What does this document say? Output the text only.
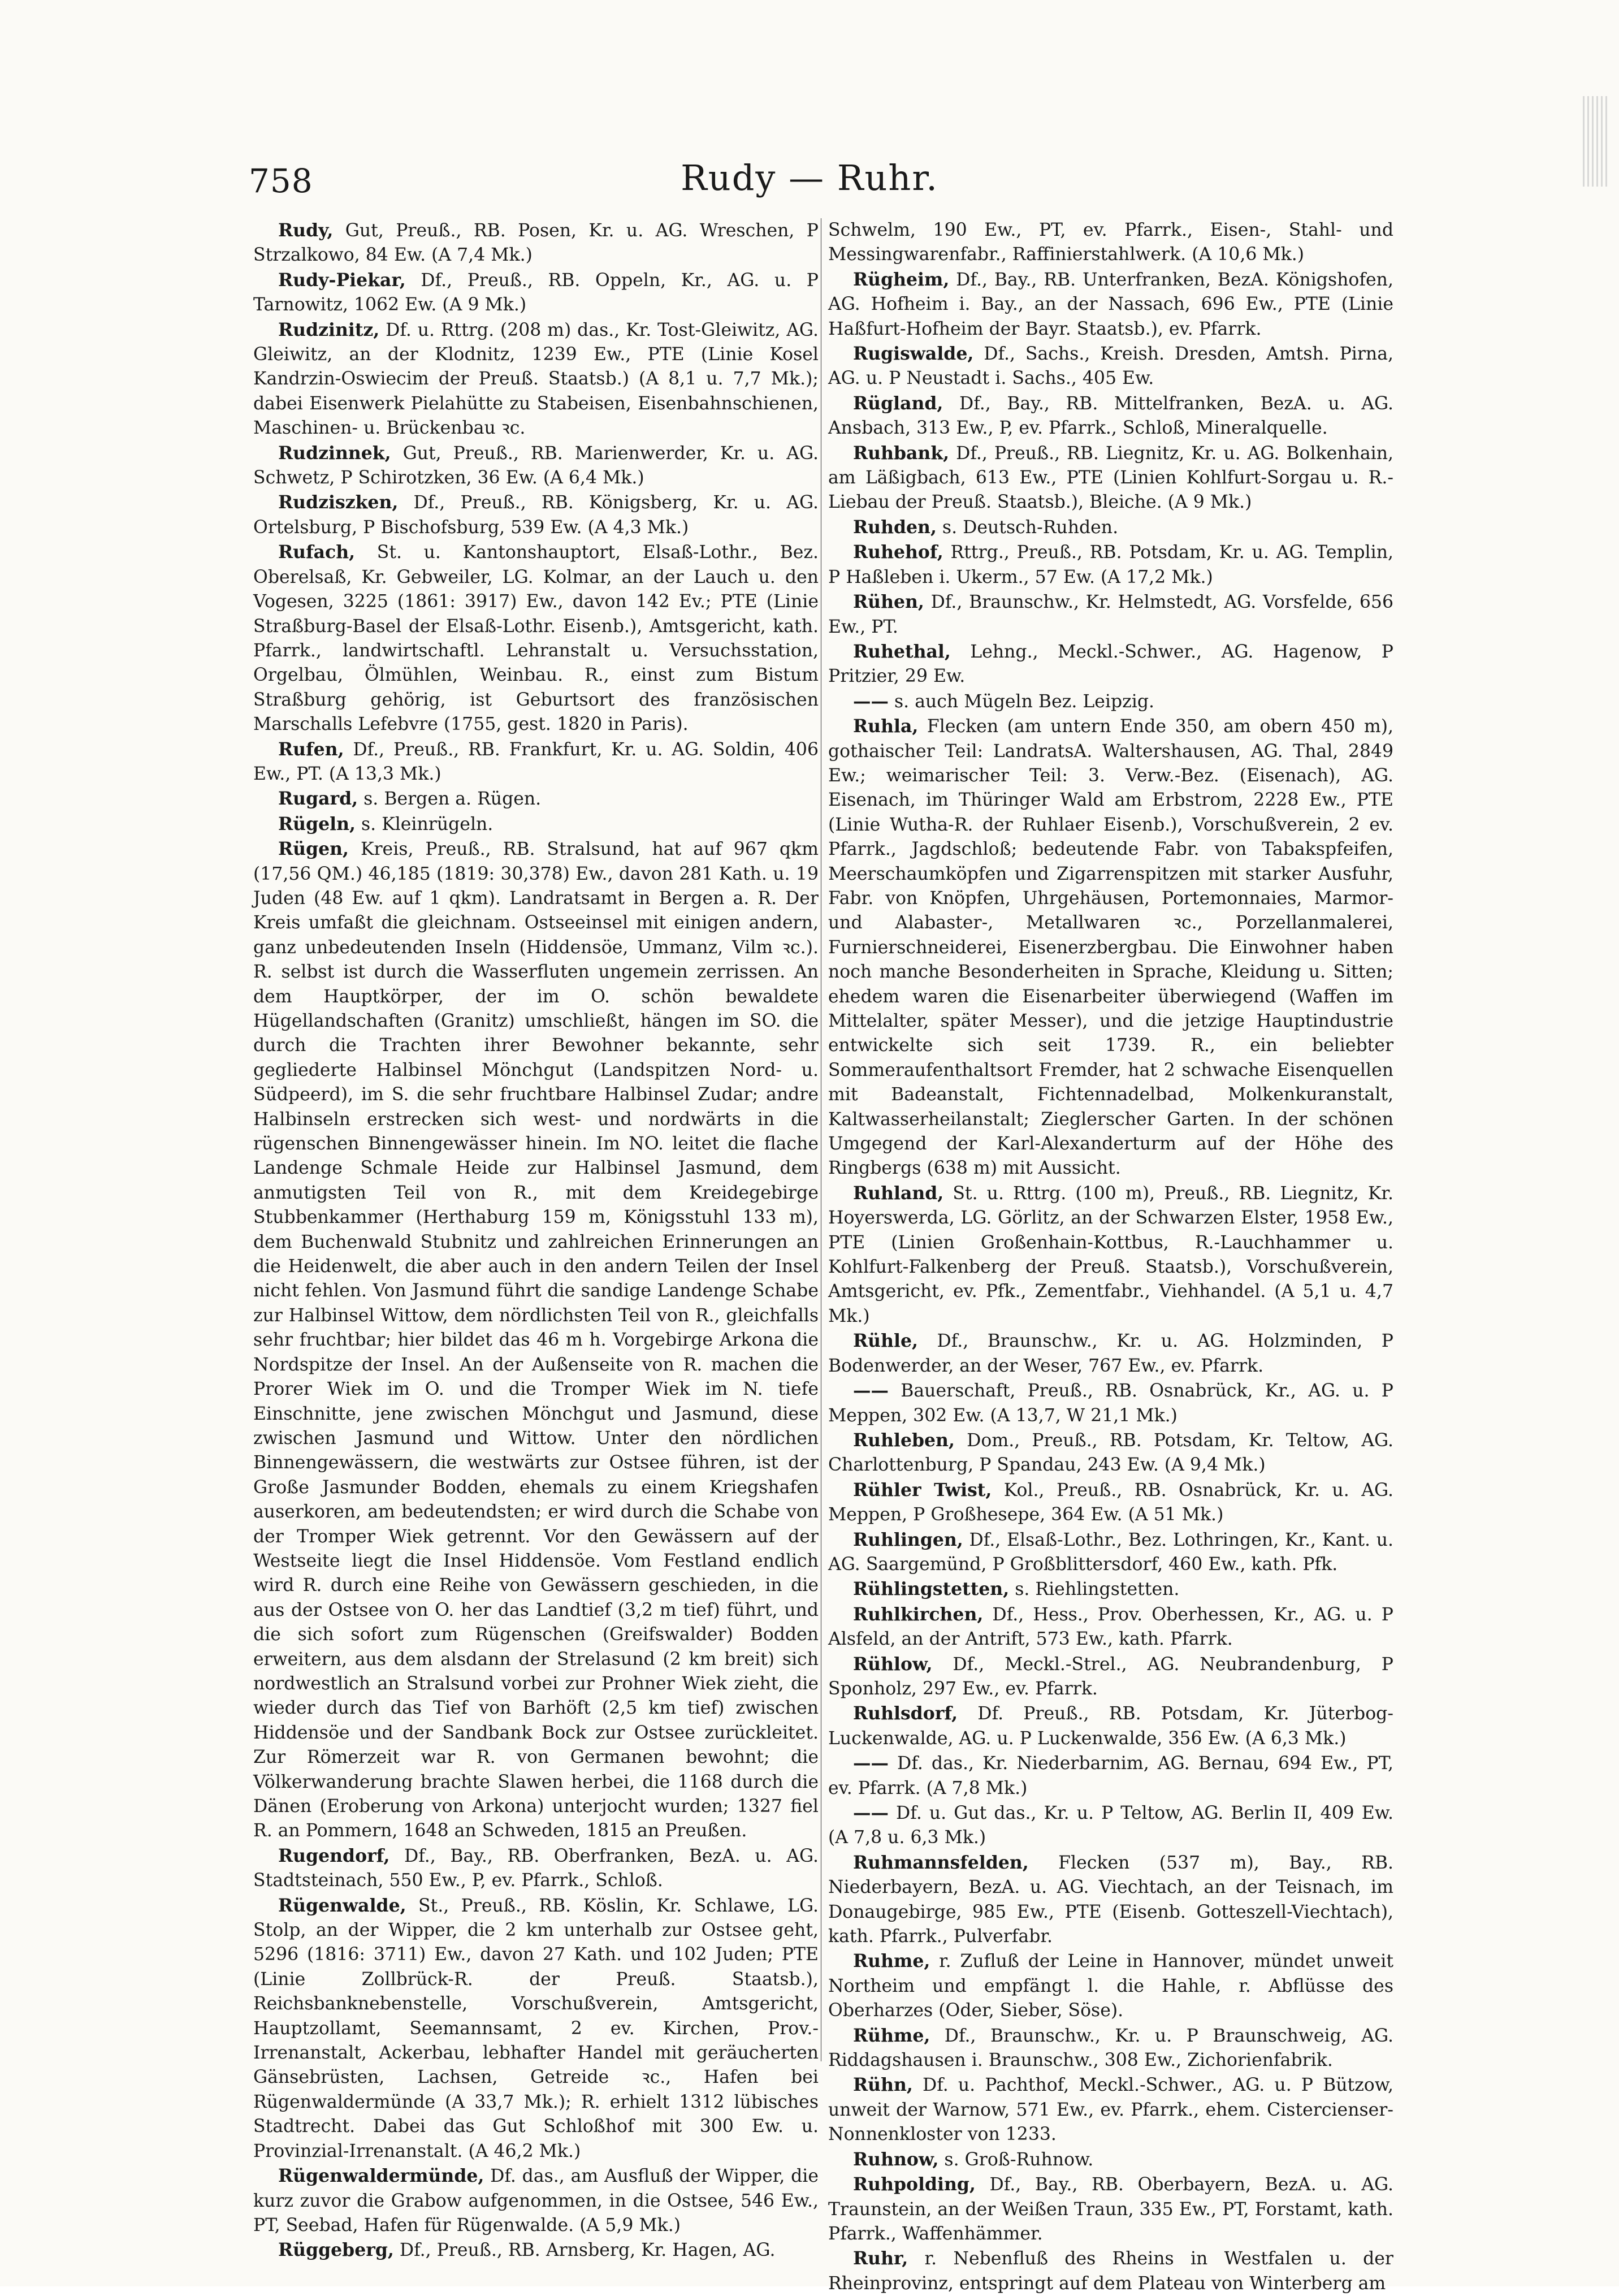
758	Rudy — Ruhr.

Rudy, Gut, Preuß., RB. Posen, Kr. u. AG. Wreschen, P Strzalkowo, 84 Ew. (A 7,4 Mk.)

Rudy-Piekar, Df., Preuß., RB. Oppeln, Kr., AG. u. P Tarnowitz, 1062 Ew. (A 9 Mk.)

Rudzinitz, Df. u. Rttrg. (208 m) das., Kr. Tost-Gleiwitz, AG. Gleiwitz, an der Klodnitz, 1239 Ew., PTE (Linie Kosel Kandrzin-Oswiecim der Preuß. Staatsb.) (A 8,1 u. 7,7 Mk.); dabei Eisenwerk Pielahütte zu Stabeisen, Eisenbahnschienen, Maschinen- u. Brückenbau ꝛc.

Rudzinnek, Gut, Preuß., RB. Marienwerder, Kr. u. AG. Schwetz, P Schirotzken, 36 Ew. (A 6,4 Mk.)

Rudziszken, Df., Preuß., RB. Königsberg, Kr. u. AG. Ortelsburg, P Bischofsburg, 539 Ew. (A 4,3 Mk.)

Rufach, St. u. Kantonshauptort, Elsaß-Lothr., Bez. Oberelsaß, Kr. Gebweiler, LG. Kolmar, an der Lauch u. den Vogesen, 3225 (1861: 3917) Ew., davon 142 Ev.; PTE (Linie Straßburg-Basel der Elsaß-Lothr. Eisenb.), Amtsgericht, kath. Pfarrk., landwirtschaftl. Lehranstalt u. Versuchsstation, Orgelbau, Ölmühlen, Weinbau. R., einst zum Bistum Straßburg gehörig, ist Geburtsort des französischen Marschalls Lefebvre (1755, gest. 1820 in Paris).

Rufen, Df., Preuß., RB. Frankfurt, Kr. u. AG. Soldin, 406 Ew., PT. (A 13,3 Mk.)

Rugard, s. Bergen a. Rügen.

Rügeln, s. Kleinrügeln.

Rügen, Kreis, Preuß., RB. Stralsund, hat auf 967 qkm (17,56 QM.) 46,185 (1819: 30,378) Ew., davon 281 Kath. u. 19 Juden (48 Ew. auf 1 qkm). Landratsamt in Bergen a. R. Der Kreis umfaßt die gleichnam. Ostseeinsel mit einigen andern, ganz unbedeutenden Inseln (Hiddensöe, Ummanz, Vilm ꝛc.). R. selbst ist durch die Wasserfluten ungemein zerrissen. An dem Hauptkörper, der im O. schön bewaldete Hügellandschaften (Granitz) umschließt, hängen im SO. die durch die Trachten ihrer Bewohner bekannte, sehr gegliederte Halbinsel Mönchgut (Landspitzen Nord- u. Südpeerd), im S. die sehr fruchtbare Halbinsel Zudar; andre Halbinseln erstrecken sich west- und nordwärts in die rügenschen Binnengewässer hinein. Im NO. leitet die flache Landenge Schmale Heide zur Halbinsel Jasmund, dem anmutigsten Teil von R., mit dem Kreidegebirge Stubbenkammer (Herthaburg 159 m, Königsstuhl 133 m), dem Buchenwald Stubnitz und zahlreichen Erinnerungen an die Heidenwelt, die aber auch in den andern Teilen der Insel nicht fehlen. Von Jasmund führt die sandige Landenge Schabe zur Halbinsel Wittow, dem nördlichsten Teil von R., gleichfalls sehr fruchtbar; hier bildet das 46 m h. Vorgebirge Arkona die Nordspitze der Insel. An der Außenseite von R. machen die Prorer Wiek im O. und die Tromper Wiek im N. tiefe Einschnitte, jene zwischen Mönchgut und Jasmund, diese zwischen Jasmund und Wittow. Unter den nördlichen Binnengewässern, die westwärts zur Ostsee führen, ist der Große Jasmunder Bodden, ehemals zu einem Kriegshafen auserkoren, am bedeutendsten; er wird durch die Schabe von der Tromper Wiek getrennt. Vor den Gewässern auf der Westseite liegt die Insel Hiddensöe. Vom Festland endlich wird R. durch eine Reihe von Gewässern geschieden, in die aus der Ostsee von O. her das Landtief (3,2 m tief) führt, und die sich sofort zum Rügenschen (Greifswalder) Bodden erweitern, aus dem alsdann der Strelasund (2 km breit) sich nordwestlich an Stralsund vorbei zur Prohner Wiek zieht, die wieder durch das Tief von Barhöft (2,5 km tief) zwischen Hiddensöe und der Sandbank Bock zur Ostsee zurückleitet. Zur Römerzeit war R. von Germanen bewohnt; die Völkerwanderung brachte Slawen herbei, die 1168 durch die Dänen (Eroberung von Arkona) unterjocht wurden; 1327 fiel R. an Pommern, 1648 an Schweden, 1815 an Preußen.

Rugendorf, Df., Bay., RB. Oberfranken, BezA. u. AG. Stadtsteinach, 550 Ew., P, ev. Pfarrk., Schloß.

Rügenwalde, St., Preuß., RB. Köslin, Kr. Schlawe, LG. Stolp, an der Wipper, die 2 km unterhalb zur Ostsee geht, 5296 (1816: 3711) Ew., davon 27 Kath. und 102 Juden; PTE (Linie Zollbrück-R. der Preuß. Staatsb.), Reichsbanknebenstelle, Vorschußverein, Amtsgericht, Hauptzollamt, Seemannsamt, 2 ev. Kirchen, Prov.-Irrenanstalt, Ackerbau, lebhafter Handel mit geräucherten Gänsebrüsten, Lachsen, Getreide ꝛc., Hafen bei Rügenwaldermünde (A 33,7 Mk.); R. erhielt 1312 lübisches Stadtrecht. Dabei das Gut Schloßhof mit 300 Ew. u. Provinzial-Irrenanstalt. (A 46,2 Mk.)

Rügenwaldermünde, Df. das., am Ausfluß der Wipper, die kurz zuvor die Grabow aufgenommen, in die Ostsee, 546 Ew., PT, Seebad, Hafen für Rügenwalde. (A 5,9 Mk.)

Rüggeberg, Df., Preuß., RB. Arnsberg, Kr. Hagen, AG.

Schwelm, 190 Ew., PT, ev. Pfarrk., Eisen-, Stahl- und Messingwarenfabr., Raffinierstahlwerk. (A 10,6 Mk.)

Rügheim, Df., Bay., RB. Unterfranken, BezA. Königshofen, AG. Hofheim i. Bay., an der Nassach, 696 Ew., PTE (Linie Haßfurt-Hofheim der Bayr. Staatsb.), ev. Pfarrk.

Rugiswalde, Df., Sachs., Kreish. Dresden, Amtsh. Pirna, AG. u. P Neustadt i. Sachs., 405 Ew.

Rügland, Df., Bay., RB. Mittelfranken, BezA. u. AG. Ansbach, 313 Ew., P, ev. Pfarrk., Schloß, Mineralquelle.

Ruhbank, Df., Preuß., RB. Liegnitz, Kr. u. AG. Bolkenhain, am Läßigbach, 613 Ew., PTE (Linien Kohlfurt-Sorgau u. R.-Liebau der Preuß. Staatsb.), Bleiche. (A 9 Mk.)

Ruhden, s. Deutsch-Ruhden.

Ruhehof, Rttrg., Preuß., RB. Potsdam, Kr. u. AG. Templin, P Haßleben i. Ukerm., 57 Ew. (A 17,2 Mk.)

Rühen, Df., Braunschw., Kr. Helmstedt, AG. Vorsfelde, 656 Ew., PT.

Ruhethal, Lehng., Meckl.-Schwer., AG. Hagenow, P Pritzier, 29 Ew.

—— s. auch Mügeln Bez. Leipzig.

Ruhla, Flecken (am untern Ende 350, am obern 450 m), gothaischer Teil: LandratsA. Waltershausen, AG. Thal, 2849 Ew.; weimarischer Teil: 3. Verw.-Bez. (Eisenach), AG. Eisenach, im Thüringer Wald am Erbstrom, 2228 Ew., PTE (Linie Wutha-R. der Ruhlaer Eisenb.), Vorschußverein, 2 ev. Pfarrk., Jagdschloß; bedeutende Fabr. von Tabakspfeifen, Meerschaumköpfen und Zigarrenspitzen mit starker Ausfuhr, Fabr. von Knöpfen, Uhrgehäusen, Portemonnaies, Marmor- und Alabaster-, Metallwaren ꝛc., Porzellanmalerei, Furnierschneiderei, Eisenerzbergbau. Die Einwohner haben noch manche Besonderheiten in Sprache, Kleidung u. Sitten; ehedem waren die Eisenarbeiter überwiegend (Waffen im Mittelalter, später Messer), und die jetzige Hauptindustrie entwickelte sich seit 1739. R., ein beliebter Sommeraufenthaltsort Fremder, hat 2 schwache Eisenquellen mit Badeanstalt, Fichtennadelbad, Molkenkuranstalt, Kaltwasserheilanstalt; Zieglerscher Garten. In der schönen Umgegend der Karl-Alexanderturm auf der Höhe des Ringbergs (638 m) mit Aussicht.

Ruhland, St. u. Rttrg. (100 m), Preuß., RB. Liegnitz, Kr. Hoyerswerda, LG. Görlitz, an der Schwarzen Elster, 1958 Ew., PTE (Linien Großenhain-Kottbus, R.-Lauchhammer u. Kohlfurt-Falkenberg der Preuß. Staatsb.), Vorschußverein, Amtsgericht, ev. Pfk., Zementfabr., Viehhandel. (A 5,1 u. 4,7 Mk.)

Rühle, Df., Braunschw., Kr. u. AG. Holzminden, P Bodenwerder, an der Weser, 767 Ew., ev. Pfarrk.

—— Bauerschaft, Preuß., RB. Osnabrück, Kr., AG. u. P Meppen, 302 Ew. (A 13,7, W 21,1 Mk.)

Ruhleben, Dom., Preuß., RB. Potsdam, Kr. Teltow, AG. Charlottenburg, P Spandau, 243 Ew. (A 9,4 Mk.)

Rühler Twist, Kol., Preuß., RB. Osnabrück, Kr. u. AG. Meppen, P Großhesepe, 364 Ew. (A 51 Mk.)

Ruhlingen, Df., Elsaß-Lothr., Bez. Lothringen, Kr., Kant. u. AG. Saargemünd, P Großblittersdorf, 460 Ew., kath. Pfk.

Rühlingstetten, s. Riehlingstetten.

Ruhlkirchen, Df., Hess., Prov. Oberhessen, Kr., AG. u. P Alsfeld, an der Antrift, 573 Ew., kath. Pfarrk.

Rühlow, Df., Meckl.-Strel., AG. Neubrandenburg, P Sponholz, 297 Ew., ev. Pfarrk.

Ruhlsdorf, Df. Preuß., RB. Potsdam, Kr. Jüterbog-Luckenwalde, AG. u. P Luckenwalde, 356 Ew. (A 6,3 Mk.)

—— Df. das., Kr. Niederbarnim, AG. Bernau, 694 Ew., PT, ev. Pfarrk. (A 7,8 Mk.)

—— Df. u. Gut das., Kr. u. P Teltow, AG. Berlin II, 409 Ew. (A 7,8 u. 6,3 Mk.)

Ruhmannsfelden, Flecken (537 m), Bay., RB. Niederbayern, BezA. u. AG. Viechtach, an der Teisnach, im Donaugebirge, 985 Ew., PTE (Eisenb. Gotteszell-Viechtach), kath. Pfarrk., Pulverfabr.

Ruhme, r. Zufluß der Leine in Hannover, mündet unweit Northeim und empfängt l. die Hahle, r. Abflüsse des Oberharzes (Oder, Sieber, Söse).

Rühme, Df., Braunschw., Kr. u. P Braunschweig, AG. Riddagshausen i. Braunschw., 308 Ew., Zichorienfabrik.

Rühn, Df. u. Pachthof, Meckl.-Schwer., AG. u. P Bützow, unweit der Warnow, 571 Ew., ev. Pfarrk., ehem. Cistercienser-Nonnenkloster von 1233.

Ruhnow, s. Groß-Ruhnow.

Ruhpolding, Df., Bay., RB. Oberbayern, BezA. u. AG. Traunstein, an der Weißen Traun, 335 Ew., PT, Forstamt, kath. Pfarrk., Waffenhämmer.

Ruhr, r. Nebenfluß des Rheins in Westfalen u. der Rheinprovinz, entspringt auf dem Plateau von Winterberg am
